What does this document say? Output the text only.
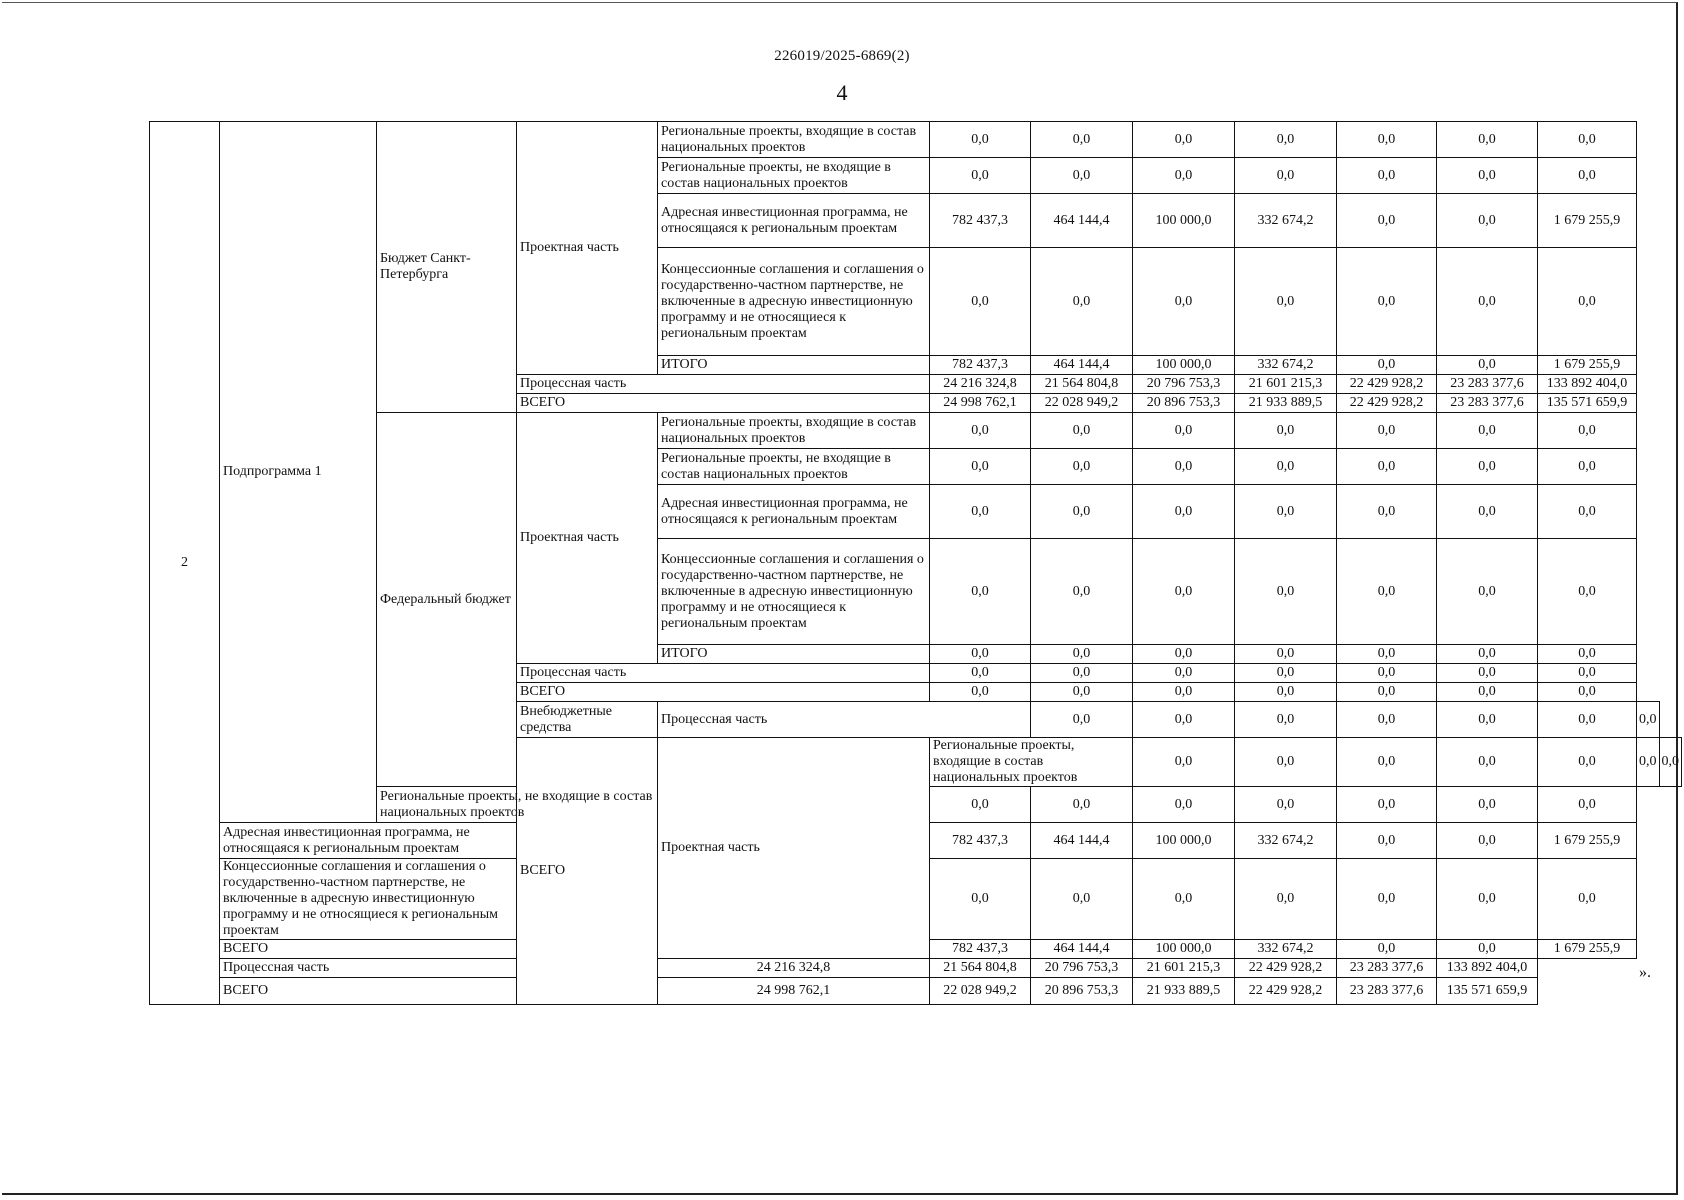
226019/2025-6869(2)
4
2	Подпрограмма 1	Бюджет Санкт-Петербурга	Проектная часть	Региональные проекты, входящие в состав национальных проектов	0,0	0,0	0,0	0,0	0,0	0,0	0,0		
				Региональные проекты, не входящие в состав национальных проектов	0,0	0,0	0,0	0,0	0,0	0,0	0,0		
				Адресная инвестиционная программа, не относящаяся к региональным проектам	782 437,3	464 144,4	100 000,0	332 674,2	0,0	0,0	1 679 255,9		
				Концессионные соглашения и соглашения о государственно-частном партнерстве, не включенные в адресную инвестиционную программу и не относящиеся к региональным проектам	0,0	0,0	0,0	0,0	0,0	0,0	0,0		
				ИТОГО	782 437,3	464 144,4	100 000,0	332 674,2	0,0	0,0	1 679 255,9		
			Процессная часть		24 216 324,8	21 564 804,8	20 796 753,3	21 601 215,3	22 429 928,2	23 283 377,6	133 892 404,0		
			ВСЕГО		24 998 762,1	22 028 949,2	20 896 753,3	21 933 889,5	22 429 928,2	23 283 377,6	135 571 659,9		
		Федеральный бюджет	Проектная часть	Региональные проекты, входящие в состав национальных проектов	0,0	0,0	0,0	0,0	0,0	0,0	0,0		
				Региональные проекты, не входящие в состав национальных проектов	0,0	0,0	0,0	0,0	0,0	0,0	0,0		
				Адресная инвестиционная программа, не относящаяся к региональным проектам	0,0	0,0	0,0	0,0	0,0	0,0	0,0		
				Концессионные соглашения и соглашения о государственно-частном партнерстве, не включенные в адресную инвестиционную программу и не относящиеся к региональным проектам	0,0	0,0	0,0	0,0	0,0	0,0	0,0		
				ИТОГО	0,0	0,0	0,0	0,0	0,0	0,0	0,0		
			Процессная часть		0,0	0,0	0,0	0,0	0,0	0,0	0,0		
			ВСЕГО		0,0	0,0	0,0	0,0	0,0	0,0	0,0		
			Внебюджетные средства	Процессная часть		0,0	0,0	0,0	0,0	0,0	0,0	0,0	
			ВСЕГО	Проектная часть	Региональные проекты, входящие в состав национальных проектов		0,0	0,0	0,0	0,0	0,0	0,0	0,0
		Региональные проекты, не входящие в состав национальных проектов			0,0	0,0	0,0	0,0	0,0	0,0	0,0		
	Адресная инвестиционная программа, не относящаяся к региональным проектам				782 437,3	464 144,4	100 000,0	332 674,2	0,0	0,0	1 679 255,9		
	Концессионные соглашения и соглашения о государственно-частном партнерстве, не включенные в адресную инвестиционную программу и не относящиеся к региональным проектам				0,0	0,0	0,0	0,0	0,0	0,0	0,0		
	ВСЕГО				782 437,3	464 144,4	100 000,0	332 674,2	0,0	0,0	1 679 255,9		
	Процессная часть			24 216 324,8	21 564 804,8	20 796 753,3	21 601 215,3	22 429 928,2	23 283 377,6	133 892 404,0			
	ВСЕГО			24 998 762,1	22 028 949,2	20 896 753,3	21 933 889,5	22 429 928,2	23 283 377,6	135 571 659,9			
».
